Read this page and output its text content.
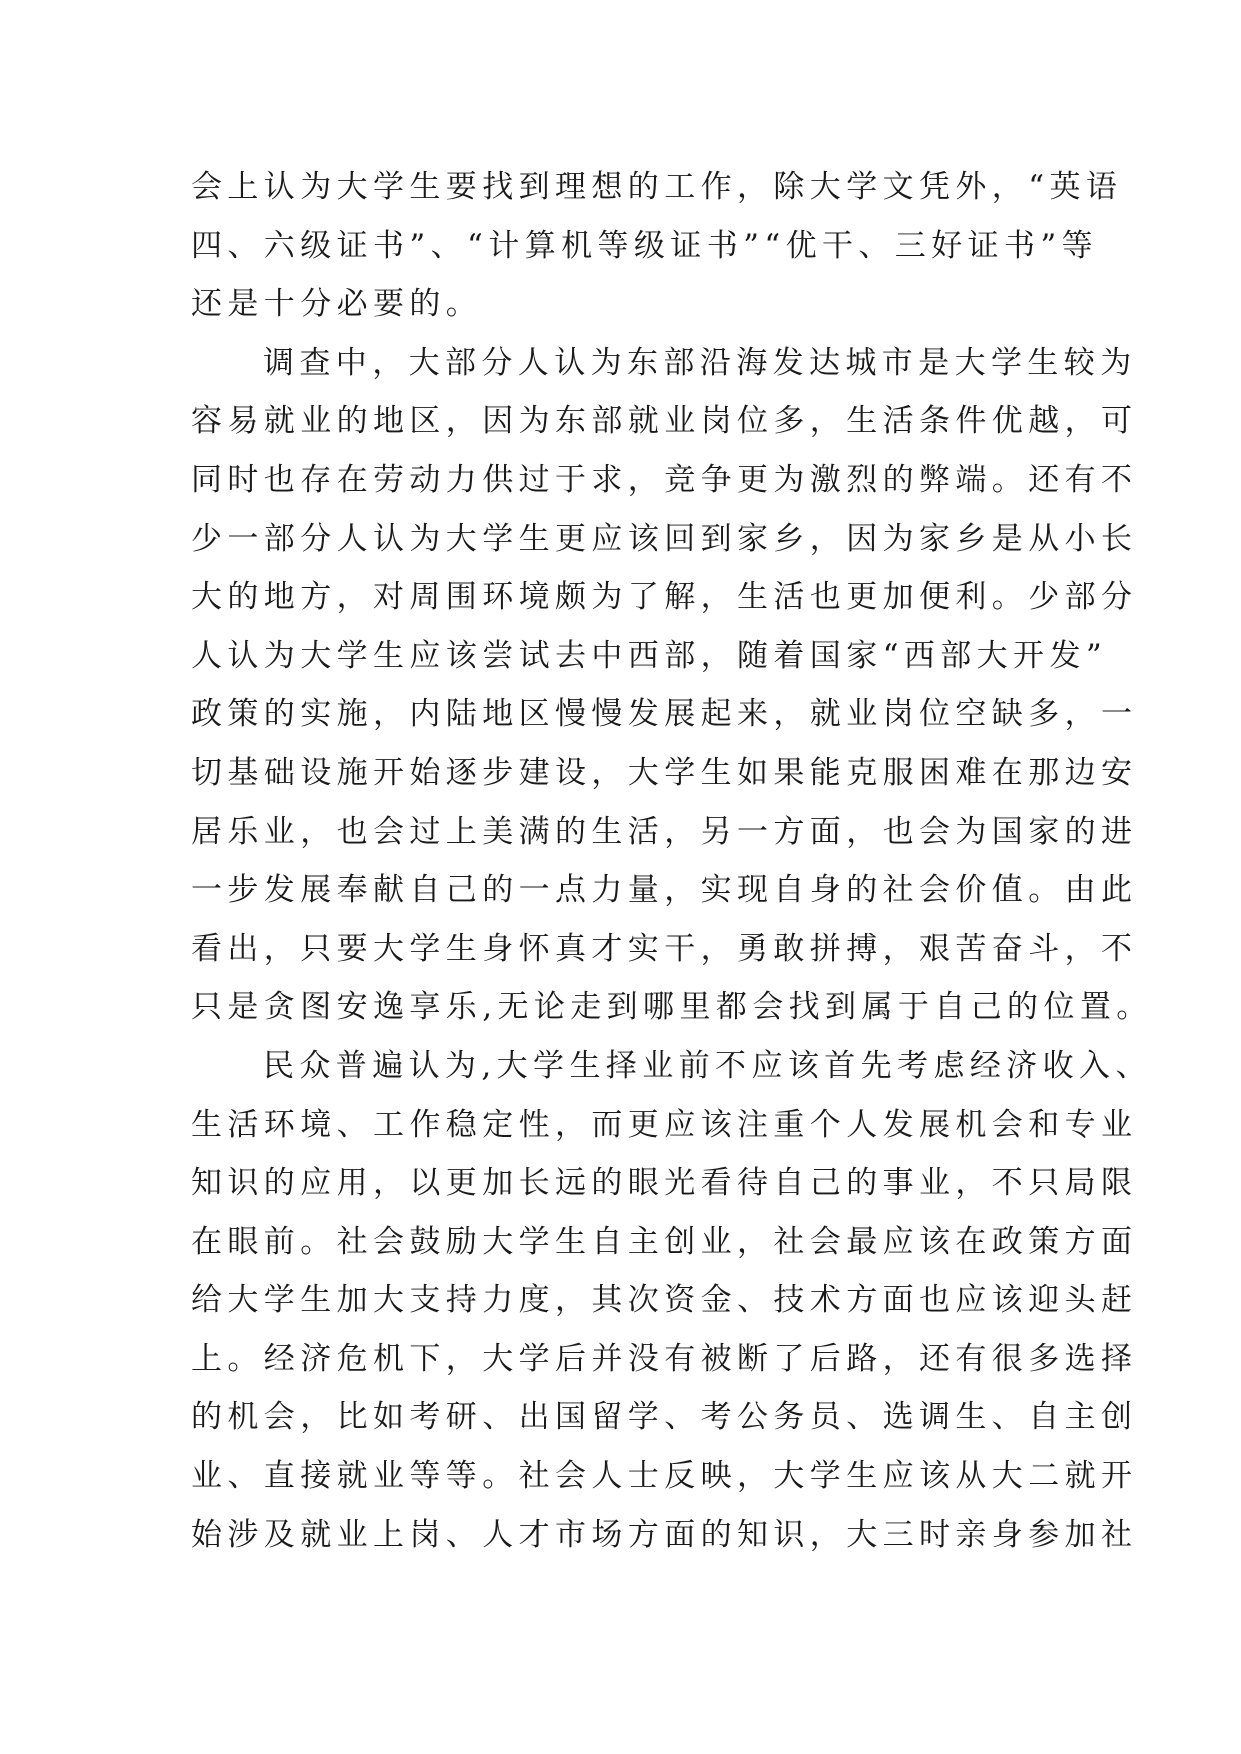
会上认为大学生要找到理想的工作，除大学文凭外，“英语
四、六级证书”、“计算机等级证书”“优干、三好证书”等
还是十分必要的。
调查中，大部分人认为东部沿海发达城市是大学生较为
容易就业的地区，因为东部就业岗位多，生活条件优越，可
同时也存在劳动力供过于求，竞争更为激烈的弊端。还有不
少一部分人认为大学生更应该回到家乡，因为家乡是从小长
大的地方，对周围环境颇为了解，生活也更加便利。少部分
人认为大学生应该尝试去中西部，随着国家“西部大开发”
政策的实施，内陆地区慢慢发展起来，就业岗位空缺多，一
切基础设施开始逐步建设，大学生如果能克服困难在那边安
居乐业，也会过上美满的生活，另一方面，也会为国家的进
一步发展奉献自己的一点力量，实现自身的社会价值。由此
看出，只要大学生身怀真才实干，勇敢拼搏，艰苦奋斗，不
只是贪图安逸享乐,无论走到哪里都会找到属于自己的位置。
民众普遍认为,大学生择业前不应该首先考虑经济收入、
生活环境、工作稳定性，而更应该注重个人发展机会和专业
知识的应用，以更加长远的眼光看待自己的事业，不只局限
在眼前。社会鼓励大学生自主创业，社会最应该在政策方面
给大学生加大支持力度，其次资金、技术方面也应该迎头赶
上。经济危机下，大学后并没有被断了后路，还有很多选择
的机会，比如考研、出国留学、考公务员、选调生、自主创
业、直接就业等等。社会人士反映，大学生应该从大二就开
始涉及就业上岗、人才市场方面的知识，大三时亲身参加社
